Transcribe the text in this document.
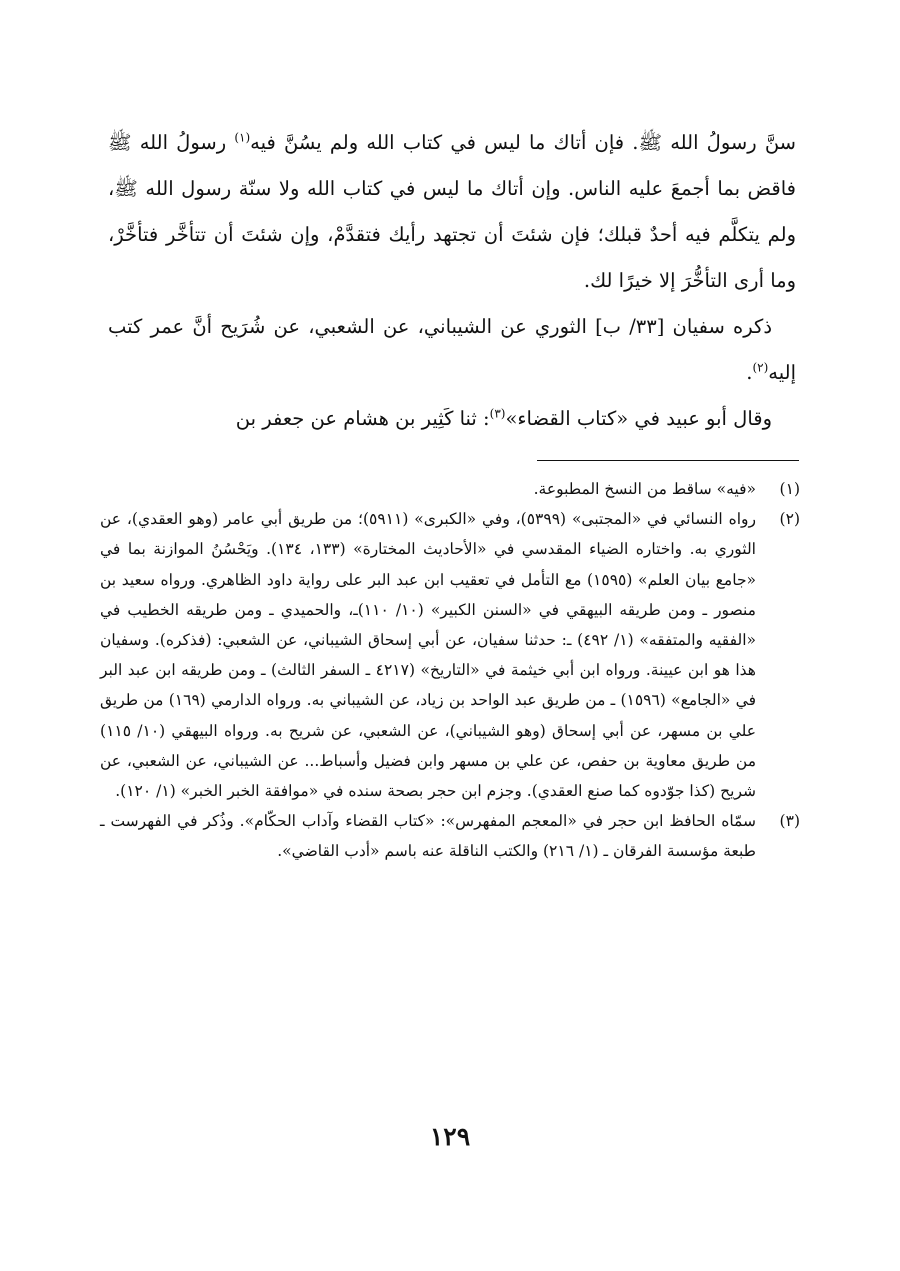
سنَّ رسولُ الله ﷺ. فإن أتاك ما ليس في كتاب الله ولم يسُنَّ فيه$^{(١)}$ رسولُ الله ﷺ فاقض بما أجمعَ عليه الناس. وإن أتاك ما ليس في كتاب الله ولا سنّة رسول الله ﷺ، ولم يتكلَّم فيه أحدٌ قبلك؛ فإن شئتَ أن تجتهد رأيك فتقدَّمْ، وإن شئتَ أن تتأخَّر فتأخَّرْ، وما أرى التأخُّرَ إلا خيرًا لك.

ذكره سفيان [٣٣/ ب] الثوري عن الشيباني، عن الشعبي، عن شُرَيح أنَّ عمر كتب إليه$^{(٢)}$.

وقال أبو عبيد في «كتاب القضاء»$^{(٣)}$: ثنا كَثِير بن هشام عن جعفر بن

(١)
«فيه» ساقط من النسخ المطبوعة.
(٢)
رواه النسائي في «المجتبى» (٥٣٩٩)، وفي «الكبرى» (٥٩١١)؛ من طريق أبي عامر (وهو العقدي)، عن الثوري به. واختاره الضياء المقدسي في «الأحاديث المختارة» (١٣٣، ١٣٤). ويَحْسُنُ الموازنة بما في «جامع بيان العلم» (١٥٩٥) مع التأمل في تعقيب ابن عبد البر على رواية داود الظاهري. ورواه سعيد بن منصور ـ ومن طريقه البيهقي في «السنن الكبير» (١٠/ ١١٠)ـ، والحميدي ـ ومن طريقه الخطيب في «الفقيه والمتفقه» (١/ ٤٩٢) ـ: حدثنا سفيان، عن أبي إسحاق الشيباني، عن الشعبي: (فذكره). وسفيان هذا هو ابن عيينة. ورواه ابن أبي خيثمة في «التاريخ» (٤٢١٧ ـ السفر الثالث) ـ ومن طريقه ابن عبد البر في «الجامع» (١٥٩٦) ـ من طريق عبد الواحد بن زياد، عن الشيباني به. ورواه الدارمي (١٦٩) من طريق علي بن مسهر، عن أبي إسحاق (وهو الشيباني)، عن الشعبي، عن شريح به. ورواه البيهقي (١٠/ ١١٥) من طريق معاوية بن حفص، عن علي بن مسهر وابن فضيل وأسباط... عن الشيباني، عن الشعبي، عن شريح (كذا جوّدوه كما صنع العقدي). وجزم ابن حجر بصحة سنده في «موافقة الخبر الخبر» (١/ ١٢٠).
(٣)
سمّاه الحافظ ابن حجر في «المعجم المفهرس»: «كتاب القضاء وآداب الحكّام». وذُكر في الفهرست ـ طبعة مؤسسة الفرقان ـ (١/ ٢١٦) والكتب الناقلة عنه باسم «أدب القاضي».
١٢٩
